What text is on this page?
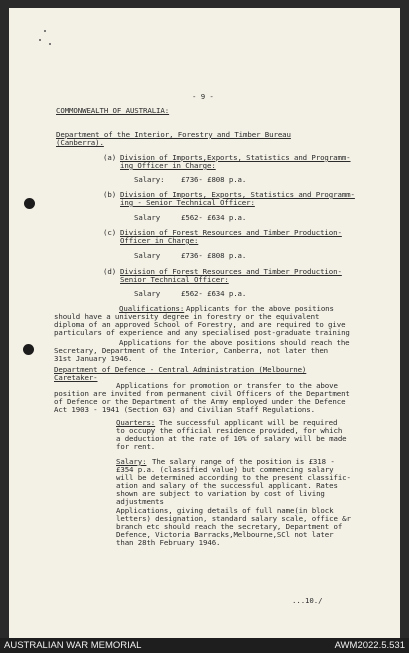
- 9 -
COMMONWEALTH OF AUSTRALIA:
Department of the Interior, Forestry and Timber Bureau
(Canberra).
(a) Division of Imports,Exports, Statistics and Programm-
ing Officer in Charge:
Salary: £736- £808 p.a.
(b) Division of Imports, Exports, Statistics and Programm-
ing - Senior Technical Officer:
Salary	£562- £634 p.a.
(c) Division of Forest Resources and Timber Production-
Officer in Charge:
Salary	£736- £808 p.a.
(d) Division of Forest Resources and Timber Production-
Senior Technical Officer:
Salary	£562- £634 p.a.
Qualifications: Applicants for the above positions
should have a university degree in forestry or the equivalent
diploma of an approved School of Forestry, and are required to give
particulars of experience and any specialised post-graduate training
Applications for the above positions should reach the
Secretary, Department of the Interior, Canberra, not later then
31st January 1946.
Department of Defence - Central Administration (Melbourne)
Caretaker-
Applications for promotion or transfer to the above
position are invited from permanent civil Officers of the Department
of Defence or the Department of the Army employed under the Defence
Act 1903 - 1941 (Section 63) and Civilian Staff Regulations.
Quarters: The successful applicant will be required
to occupy the official residence provided, for which
a deduction at the rate of 10% of salary will be made
for rent.
Salary: The salary range of the position is £318 -
£354 p.a. (classified value) but commencing salary
will be determined according to the present classific-
ation and salary of the successful applicant. Rates
shown are subject to variation by cost of living
adjustments
Applications, giving details of full name(in block
letters) designation, standard salary scale, office &r
branch etc should reach the secretary, Department of
Defence, Victoria Barracks,Melbourne,SCl not later
than 28th February 1946.
...10./
AUSTRALIAN WAR MEMORIAL	AWM2022.5.531
